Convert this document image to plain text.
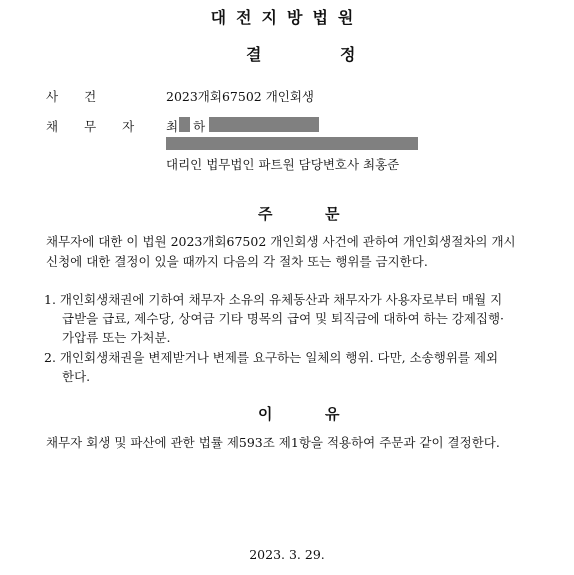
대전지방법원
결	정
사건	2023개회67502 개인회생
채무자 최 하
대리인 법무법인 파트원 담당변호사 최홍준
주	문
채무자에 대한 이 법원 2023개회67502 개인회생 사건에 관하여 개인회생절차의 개시
신청에 대한 결정이 있을 때까지 다음의 각 절차 또는 행위를 금지한다.
1. 개인회생채권에 기하여 채무자 소유의 유체동산과 채무자가 사용자로부터 매월 지
급받을 급료, 제수당, 상여금 기타 명목의 급여 및 퇴직금에 대하여 하는 강제집행·
가압류 또는 가처분.
2. 개인회생채권을 변제받거나 변제를 요구하는 일체의 행위. 다만, 소송행위를 제외
한다.
이	유
채무자 회생 및 파산에 관한 법률 제593조 제1항을 적용하여 주문과 같이 결정한다.
2023. 3. 29.
